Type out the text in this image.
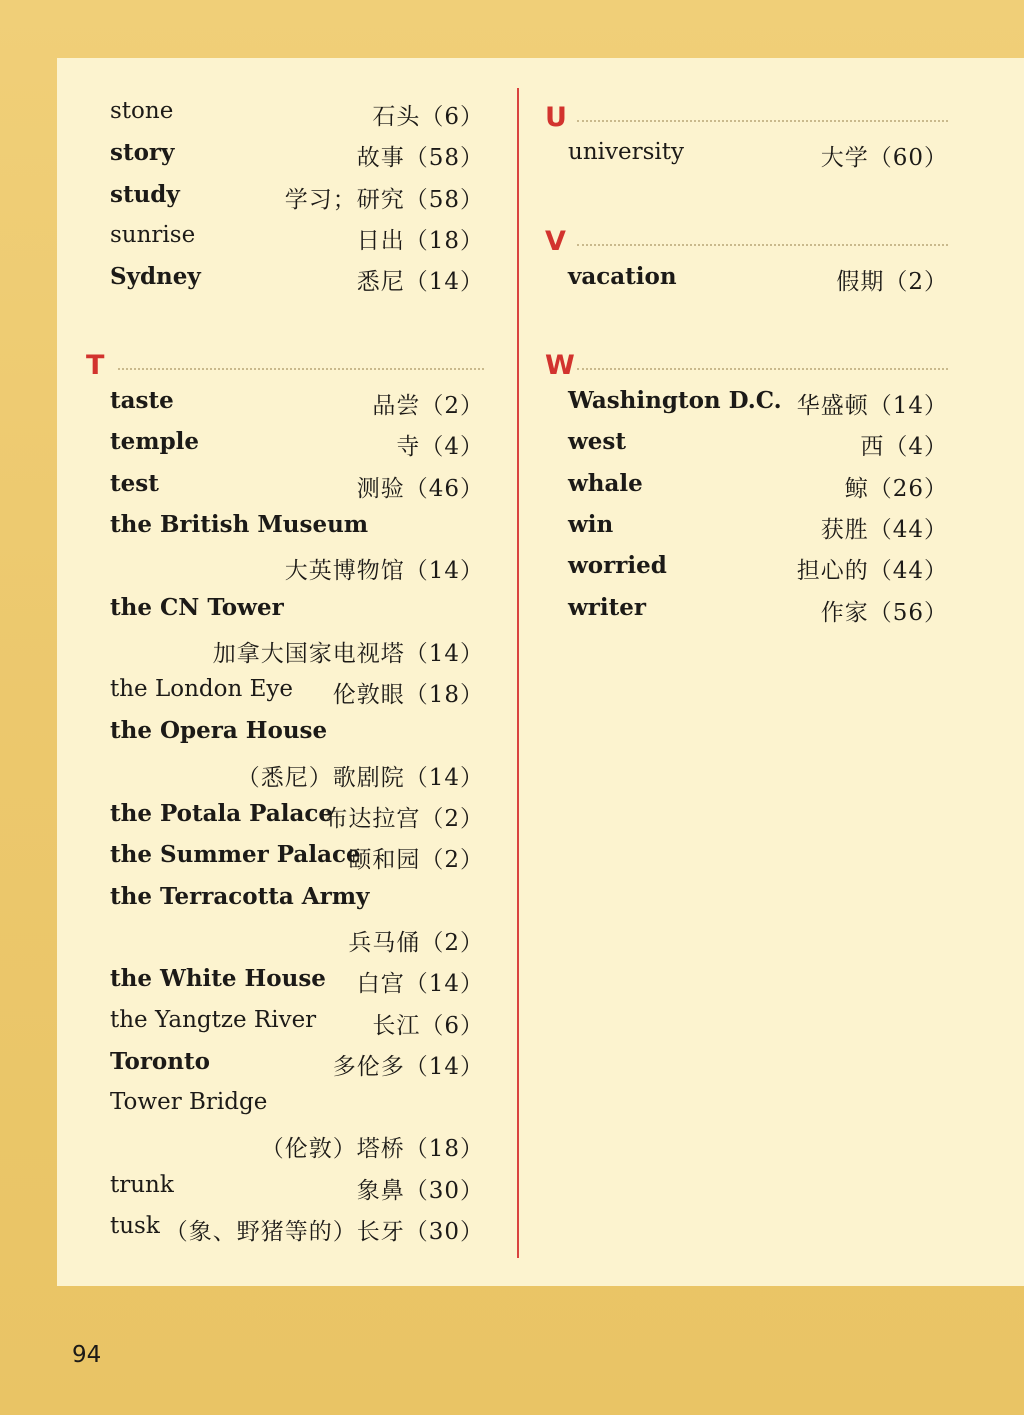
stone	石头（6）
story	故事（58）
study	学习；研究（58）
sunrise	日出（18）
Sydney	悉尼（14）
T
taste	品尝（2）
temple	寺（4）
test	测验（46）
the British Museum
大英博物馆（14）
the CN Tower
加拿大国家电视塔（14）
the London Eye 伦敦眼（18）
the Opera House
（悉尼）歌剧院（14）
the Potala Palace
布达拉宫（2）
the Summer Palace
颐和园（2）
the Terracotta Army
兵马俑（2）
the White House 白宫（14）
the Yangtze River 长江（6）
Toronto	多伦多（14）
Tower Bridge
（伦敦）塔桥（18）
trunk	象鼻（30）
tusk （象、野猪等的）长牙（30）
U
university	大学（60）
V
vacation	假期（2）
W
Washington D.C. 华盛顿（14）
west	西（4）
whale	鲸（26）
win	获胜（44）
worried	担心的（44）
writer	作家（56）
94
